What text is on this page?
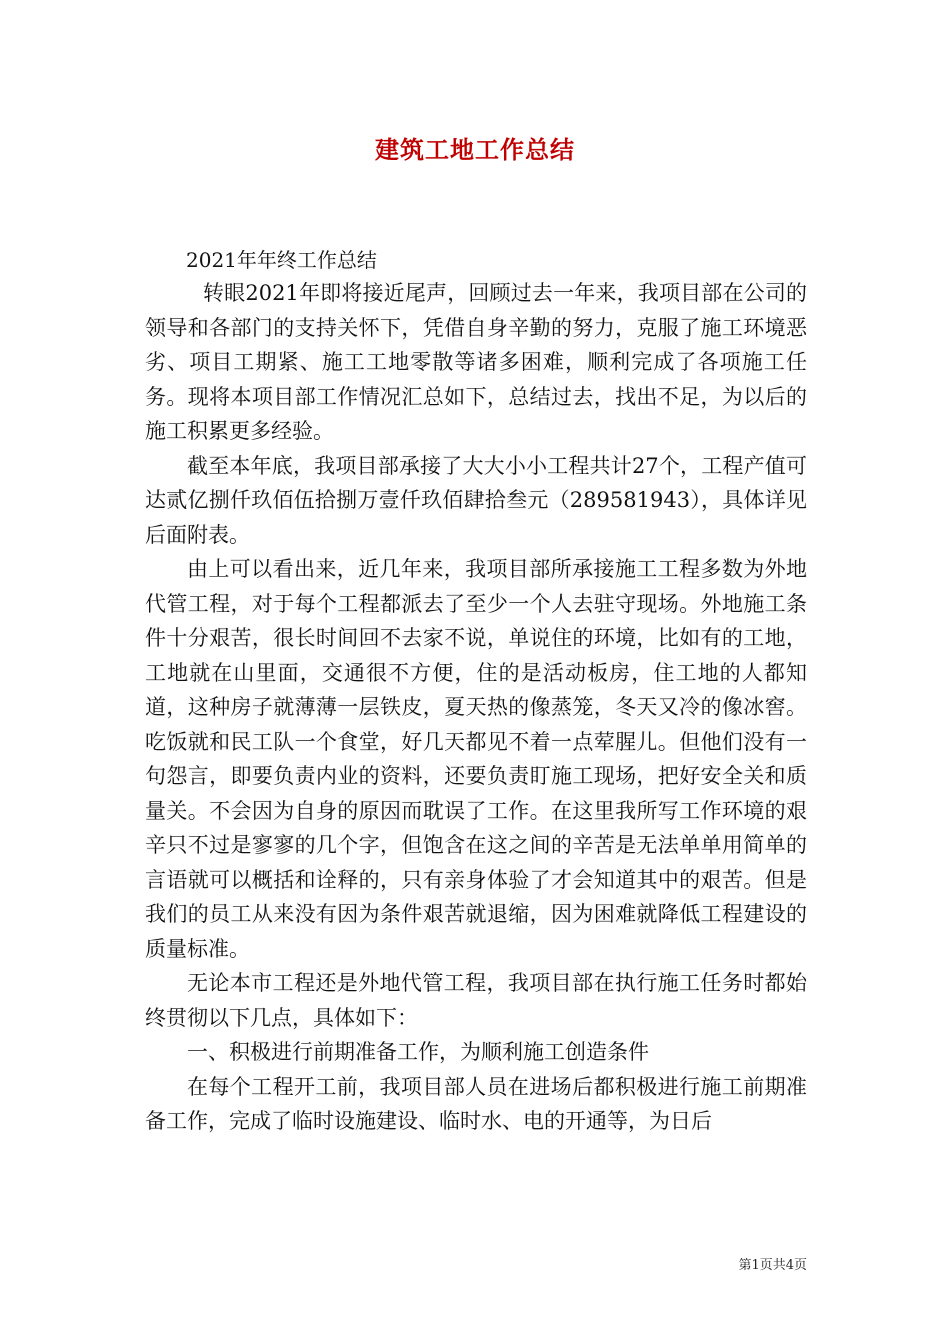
建筑工地工作总结
2021年年终工作总结

转眼2021年即将接近尾声，回顾过去一年来，我项目部在公司的领导和各部门的支持关怀下，凭借自身辛勤的努力，克服了施工环境恶劣、项目工期紧、施工工地零散等诸多困难，顺利完成了各项施工任务。现将本项目部工作情况汇总如下，总结过去，找出不足，为以后的施工积累更多经验。

截至本年底，我项目部承接了大大小小工程共计27个，工程产值可达贰亿捌仟玖佰伍拾捌万壹仟玖佰肆拾叁元（289581943），具体详见后面附表。

由上可以看出来，近几年来，我项目部所承接施工工程多数为外地代管工程，对于每个工程都派去了至少一个人去驻守现场。外地施工条件十分艰苦，很长时间回不去家不说，单说住的环境，比如有的工地，工地就在山里面，交通很不方便，住的是活动板房，住工地的人都知道，这种房子就薄薄一层铁皮，夏天热的像蒸笼，冬天又冷的像冰窖。吃饭就和民工队一个食堂，好几天都见不着一点荤腥儿。但他们没有一句怨言，即要负责内业的资料，还要负责盯施工现场，把好安全关和质量关。不会因为自身的原因而耽误了工作。在这里我所写工作环境的艰辛只不过是寥寥的几个字，但饱含在这之间的辛苦是无法单单用简单的言语就可以概括和诠释的，只有亲身体验了才会知道其中的艰苦。但是我们的员工从来没有因为条件艰苦就退缩，因为困难就降低工程建设的质量标准。

无论本市工程还是外地代管工程，我项目部在执行施工任务时都始终贯彻以下几点，具体如下：

一、积极进行前期准备工作，为顺利施工创造条件

在每个工程开工前，我项目部人员在进场后都积极进行施工前期准备工作，完成了临时设施建设、临时水、电的开通等，为日后

第1页共4页
